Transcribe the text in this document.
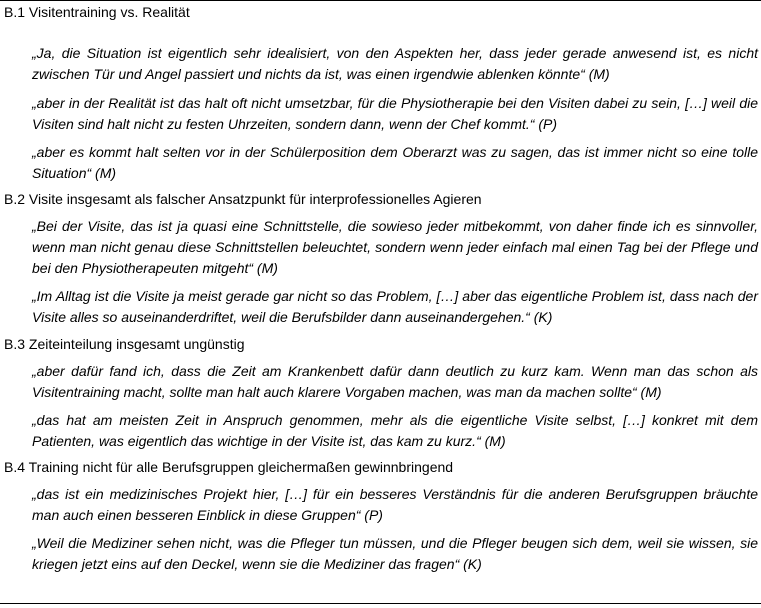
B.1 Visitentraining vs. Realität
„Ja, die Situation ist eigentlich sehr idealisiert, von den Aspekten her, dass jeder gerade anwesend ist, es nicht zwischen Tür und Angel passiert und nichts da ist, was einen irgendwie ablenken könnte“ (M)
„aber in der Realität ist das halt oft nicht umsetzbar, für die Physiotherapie bei den Visiten dabei zu sein, […] weil die Visiten sind halt nicht zu festen Uhrzeiten, sondern dann, wenn der Chef kommt.“ (P)
„aber es kommt halt selten vor in der Schülerposition dem Oberarzt was zu sagen, das ist immer nicht so eine tolle Situation“ (M)
B.2 Visite insgesamt als falscher Ansatzpunkt für interprofessionelles Agieren
„Bei der Visite, das ist ja quasi eine Schnittstelle, die sowieso jeder mitbekommt, von daher finde ich es sinnvoller, wenn man nicht genau diese Schnittstellen beleuchtet, sondern wenn jeder einfach mal einen Tag bei der Pflege und bei den Physiotherapeuten mitgeht“ (M)
„Im Alltag ist die Visite ja meist gerade gar nicht so das Problem, […] aber das eigentliche Problem ist, dass nach der Visite alles so auseinanderdriftet, weil die Berufsbilder dann auseinandergehen.“ (K)
B.3 Zeiteinteilung insgesamt ungünstig
„aber dafür fand ich, dass die Zeit am Krankenbett dafür dann deutlich zu kurz kam. Wenn man das schon als Visitentraining macht, sollte man halt auch klarere Vorgaben machen, was man da machen sollte“ (M)
„das hat am meisten Zeit in Anspruch genommen, mehr als die eigentliche Visite selbst, […] konkret mit dem Patienten, was eigentlich das wichtige in der Visite ist, das kam zu kurz.“ (M)
B.4 Training nicht für alle Berufsgruppen gleichermaßen gewinnbringend
„das ist ein medizinisches Projekt hier, […] für ein besseres Verständnis für die anderen Berufsgruppen bräuchte man auch einen besseren Einblick in diese Gruppen“ (P)
„Weil die Mediziner sehen nicht, was die Pfleger tun müssen, und die Pfleger beugen sich dem, weil sie wissen, sie kriegen jetzt eins auf den Deckel, wenn sie die Mediziner das fragen“ (K)
